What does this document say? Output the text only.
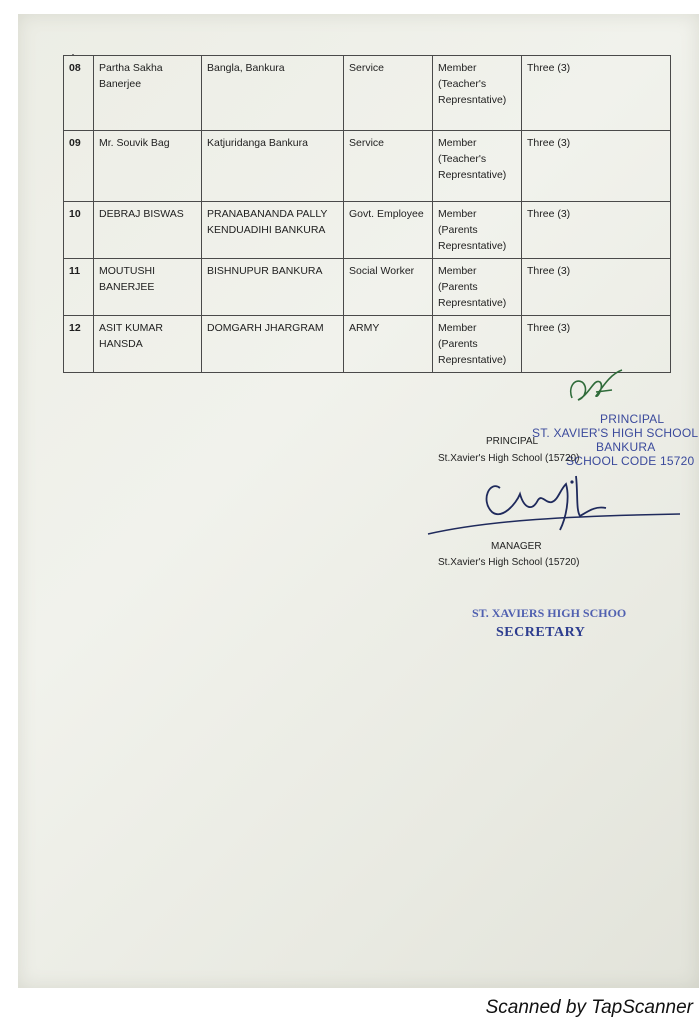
08	Partha Sakha Banerjee	Bangla, Bankura	Service	Member (Teacher's Represntative)	Three (3)
09	Mr. Souvik Bag	Katjuridanga Bankura	Service	Member (Teacher's Represntative)	Three (3)
10	DEBRAJ BISWAS	PRANABANANDA PALLY KENDUADIHI BANKURA	Govt. Employee	Member (Parents Represntative)	Three (3)
11	MOUTUSHI BANERJEE	BISHNUPUR BANKURA	Social Worker	Member (Parents Represntative)	Three (3)
12	ASIT KUMAR HANSDA	DOMGARH JHARGRAM	ARMY	Member (Parents Represntative)	Three (3)
PRINCIPAL
ST. XAVIER'S HIGH SCHOOL
BANKURA
SCHOOL CODE 15720
PRINCIPAL
St.Xavier's High School (15720)
MANAGER
St.Xavier's High School (15720)
ST. XAVIERS HIGH SCHOO
SECRETARY
Scanned by TapScanner
